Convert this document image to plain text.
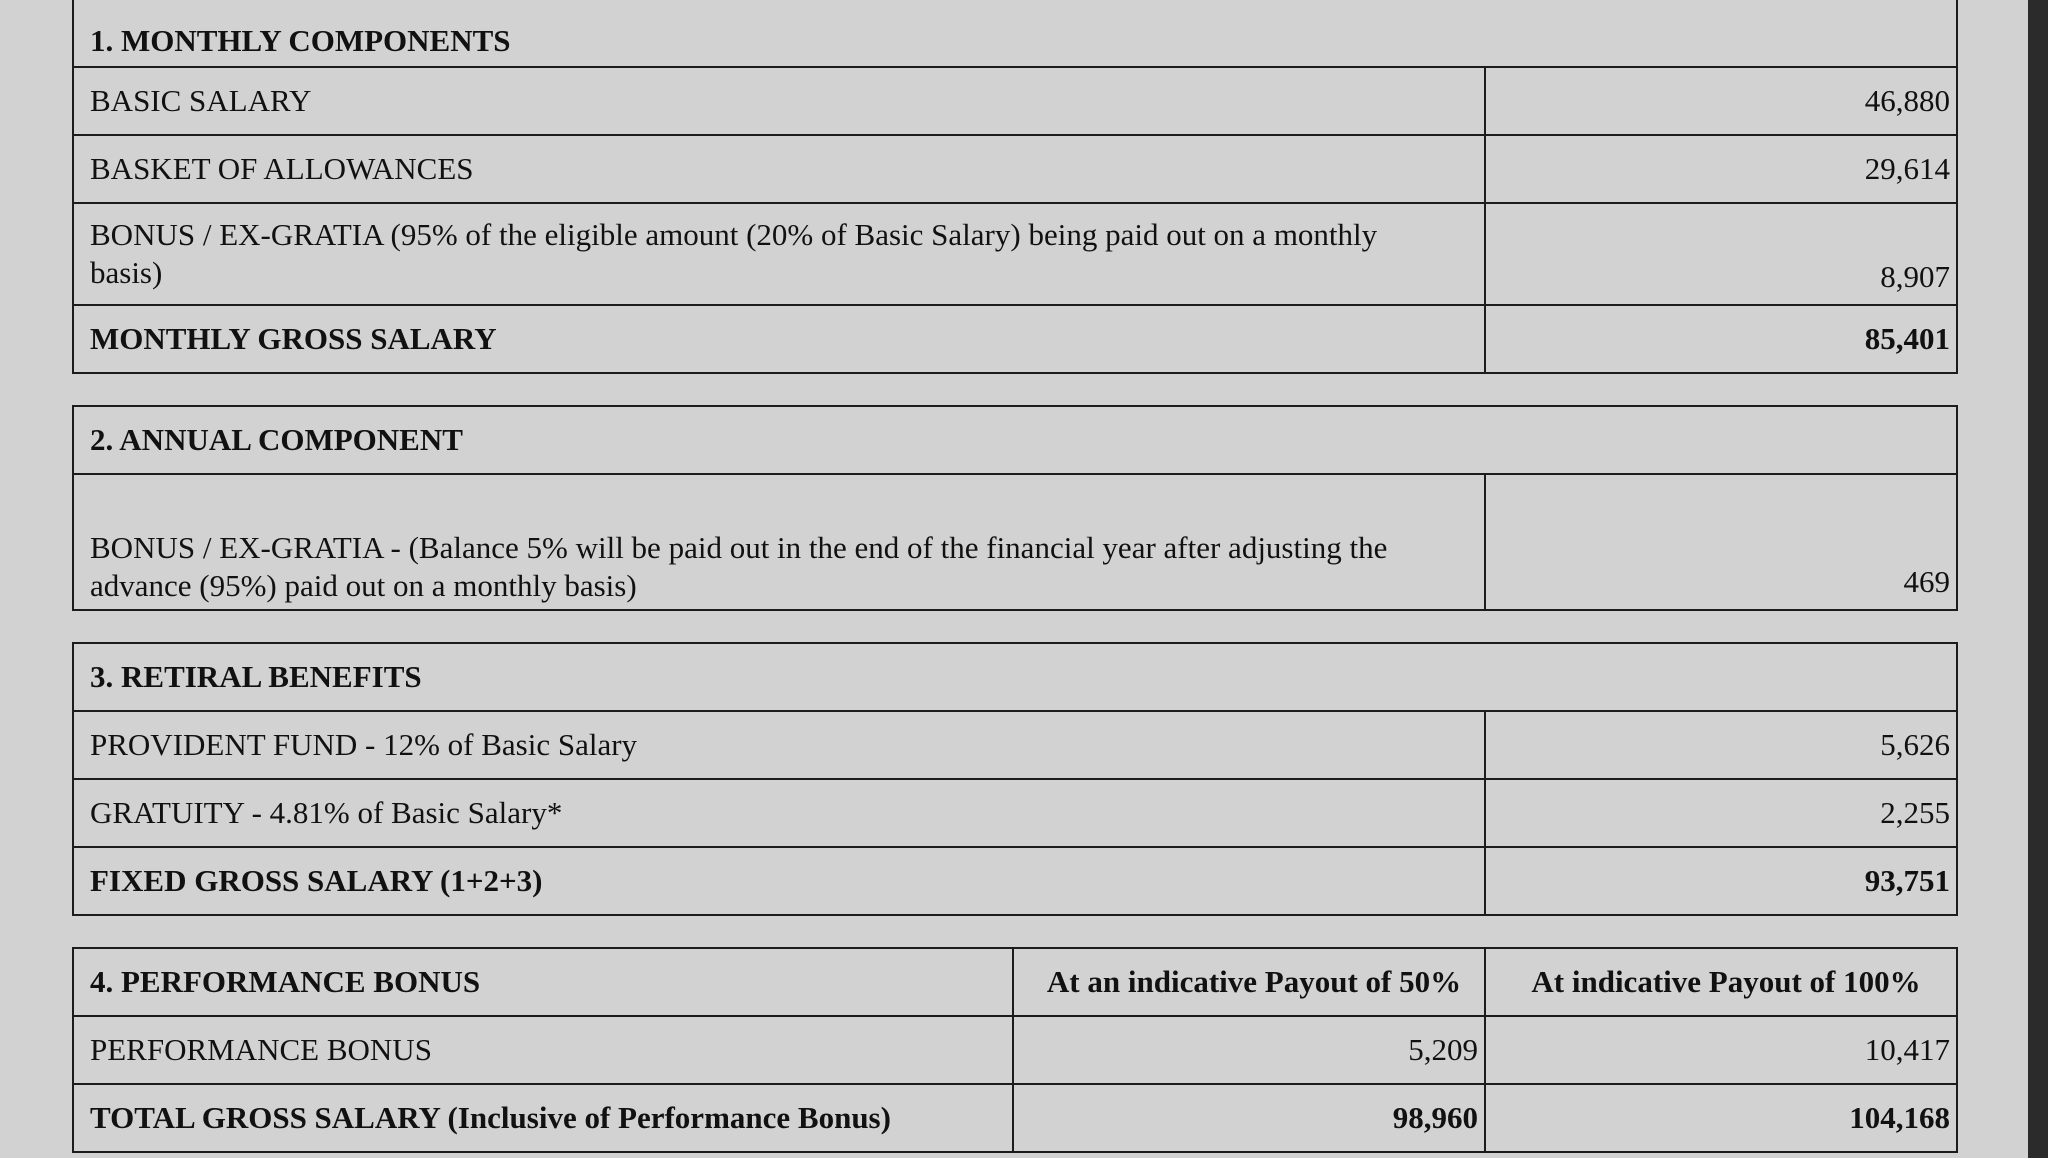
1. MONTHLY COMPONENTS	
BASIC SALARY	46,880
BASKET OF ALLOWANCES	29,614
BONUS / EX-GRATIA (95% of the eligible amount (20% of Basic Salary) being paid out on a monthly basis)	8,907
MONTHLY GROSS SALARY	85,401
2. ANNUAL COMPONENT
BONUS / EX-GRATIA - (Balance 5% will be paid out in the end of the financial year after adjusting the advance (95%) paid out on a monthly basis)	469
3. RETIRAL BENEFITS	
PROVIDENT FUND - 12% of Basic Salary	5,626
GRATUITY - 4.81% of Basic Salary*	2,255
FIXED GROSS SALARY (1+2+3)	93,751
4. PERFORMANCE BONUS	At an indicative Payout of 50%	At indicative Payout of 100%
PERFORMANCE BONUS	5,209	10,417
TOTAL GROSS SALARY (Inclusive of Performance Bonus)	98,960	104,168
